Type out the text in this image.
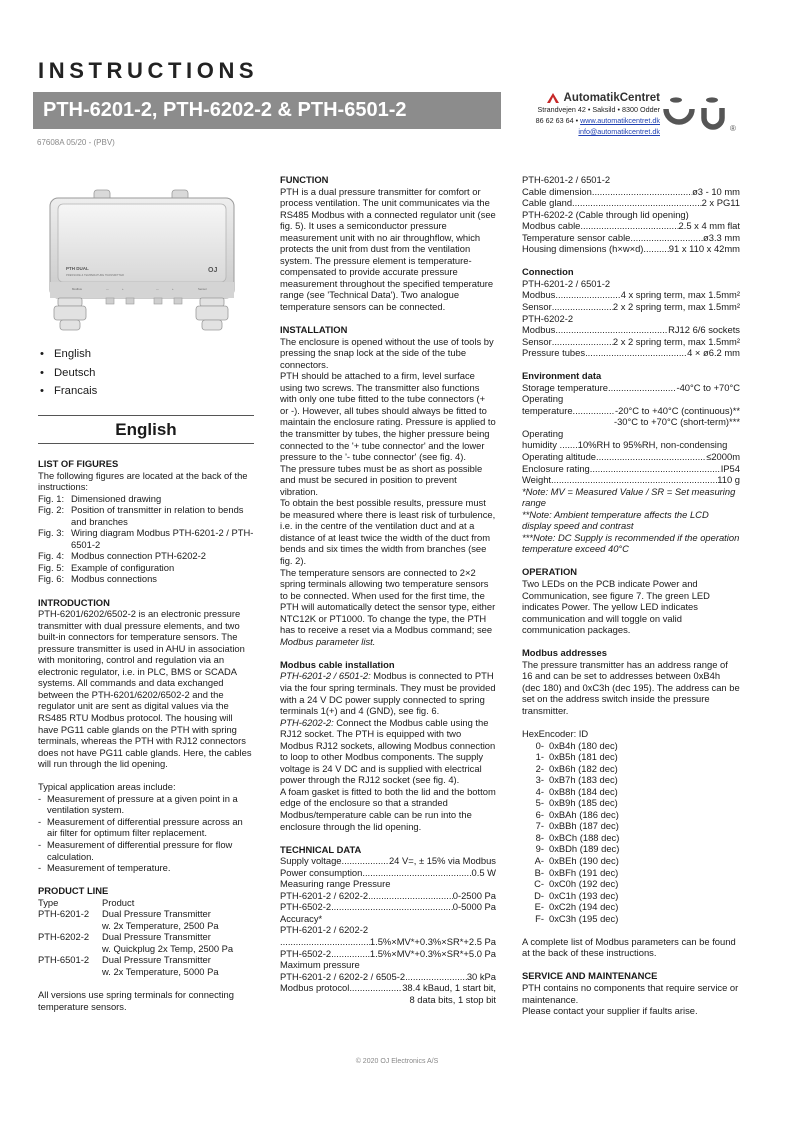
INSTRUCTIONS
PTH-6201-2, PTH-6202-2 & PTH-6501-2
67608A 05/20 - (PBV)
AutomatikCentret
Strandvejen 42 • Saksild • 8300 Odder
86 62 63 64 • www.automatikcentret.dk
info@automatikcentret.dk	®
PTH DUAL
PRESSURE & TEMPERATURE TRANSMITTER
OJ
Modbus	—	+	—	+	Sensor
• English
• Deutsch
• Francais
English
LIST OF FIGURES
The following figures are located at the back of the instructions:
Fig. 1: Dimensioned drawing
Fig. 2: Position of transmitter in relation to bends and branches
Fig. 3: Wiring diagram Modbus PTH-6201-2 / PTH-6501-2
Fig. 4: Modbus connection PTH-6202-2
Fig. 5: Example of configuration
Fig. 6: Modbus connections
INTRODUCTION
PTH-6201/6202/6502-2 is an electronic pressure transmitter with dual pressure elements, and two built-in connectors for temperature sensors. The pressure transmitter is used in AHU in association with monitoring, control and regulation via an electronic regulator, i.e. in PLC, BMS or SCADA systems. All commands and data exchanged between the PTH-6201/6202/6502-2 and the regulator unit are sent as digital values via the RS485 RTU Modbus protocol. The housing will have PG11 cable glands on the PTH with spring terminals, whereas the PTH with RJ12 connectors does not have PG11 cable glands. Here, the cables will run through the lid opening.
Typical application areas include:
- Measurement of pressure at a given point in a ventilation system.
- Measurement of differential pressure across an air filter for optimum filter replacement.
- Measurement of differential pressure for flow calculation.
- Measurement of temperature.
PRODUCT LINE
Type	Product
PTH-6201-2	Dual Pressure Transmitter
w. 2x Temperature, 2500 Pa
PTH-6202-2	Dual Pressure Transmitter
w. Quickplug 2x Temp, 2500 Pa
PTH-6501-2	Dual Pressure Transmitter
w. 2x Temperature, 5000 Pa
All versions use spring terminals for connecting temperature sensors.
FUNCTION
PTH is a dual pressure transmitter for comfort or process ventilation. The unit communicates via the RS485 Modbus with a connected regulator unit (see fig. 5). It uses a semiconductor pressure measurement unit with no air throughflow, which protects the unit from dust from the ventilation system. The pressure element is temperature-compensated to provide accurate pressure measurement throughout the specified temperature range (see 'Technical Data'). Two analogue temperature sensors can be connected.
INSTALLATION
The enclosure is opened without the use of tools by pressing the snap lock at the side of the tube connectors.
PTH should be attached to a firm, level surface using two screws. The transmitter also functions with only one tube fitted to the tube connectors (+ or -). However, all tubes should always be fitted to maintain the enclosure rating. Pressure is applied to the transmitter by tubes, the higher pressure being connected to the '+ tube connector' and the lower pressure to the '- tube connector' (see fig. 4).
The pressure tubes must be as short as possible and must be secured in position to prevent vibration.
To obtain the best possible results, pressure must be measured where there is least risk of turbulence, i.e. in the centre of the ventilation duct and at a distance of at least twice the width of the duct from bends and six times the width from branches (see fig. 2).
The temperature sensors are connected to 2×2 spring terminals allowing two temperature sensors to be connected. When used for the first time, the PTH will automatically detect the sensor type, either NTC12K or PT1000. To change the type, the PTH has to receive a reset via a Modbus command; see Modbus parameter list.
Modbus cable installation
PTH-6201-2 / 6501-2: Modbus is connected to PTH via the four spring terminals. They must be provided with a 24 V DC power supply connected to spring terminals 1(+) and 4 (GND), see fig. 6.
PTH-6202-2: Connect the Modbus cable using the RJ12 socket. The PTH is equipped with two Modbus RJ12 sockets, allowing Modbus connection to loop to other Modbus components. The supply voltage is 24 V DC and is supplied with electrical power through the RJ12 socket (see fig. 4).
A foam gasket is fitted to both the lid and the bottom edge of the enclosure so that a stranded Modbus/temperature cable can be run into the enclosure through the lid opening.
TECHNICAL DATA
Supply voltage .....	24 V=, ± 15% via Modbus
Power consumption .....	0.5 W
Measuring range Pressure
PTH-6201-2 / 6202-2 .....	0-2500 Pa
PTH-6502-2 .....	0-5000 Pa
Accuracy*
PTH-6201-2 / 6202-2
.....
1.5%×MV*+0.3%×SR*+2.5 Pa
PTH-6502-2 .....	1.5%×MV*+0.3%×SR*+5.0 Pa
Maximum pressure
PTH-6201-2 / 6202-2 / 6505-2 .....	30 kPa
Modbus protocol .....	38.4 kBaud, 1 start bit,
8 data bits, 1 stop bit
PTH-6201-2 / 6501-2
Cable dimension .....	ø3 - 10 mm
Cable gland .....	2 x PG11
PTH-6202-2 (Cable through lid opening)
Modbus cable .....	2.5 x 4 mm flat
Temperature sensor cable .....	ø3.3 mm
Housing dimensions (h×w×d) .....	91 x 110 x 42mm
Connection
PTH-6201-2 / 6501-2
Modbus .....	4 x spring term, max 1.5mm²
Sensor .....	2 x 2 spring term, max 1.5mm²
PTH-6202-2
Modbus .....	RJ12 6/6 sockets
Sensor .....	2 x 2 spring term, max 1.5mm²
Pressure tubes .....	4 × ø6.2 mm
Environment data
Storage temperature .....	-40°C to +70°C
Operating
temperature .....	-20°C to +40°C (continuous)**
-30°C to +70°C (short-term)***
Operating
humidity .......10%RH to 95%RH, non-condensing
Operating altitude .....	≤2000m
Enclosure rating .....	IP54
Weight .....	110 g
*Note: MV = Measured Value / SR = Set measuring range
**Note: Ambient temperature affects the LCD display speed and contrast
***Note: DC Supply is recommended if the operation temperature exceed 40°C
OPERATION
Two LEDs on the PCB indicate Power and Communication, see figure 7. The green LED indicates Power. The yellow LED indicates communication and will toggle on valid communication packages.
Modbus addresses
The pressure transmitter has an address range of 16 and can be set to addresses between 0xB4h (dec 180) and 0xC3h (dec 195). The address can be set on the address switch inside the pressure transmitter.
HexEncoder: ID
0- 0xB4h (180 dec)
1- 0xB5h (181 dec)
2- 0xB6h (182 dec)
3- 0xB7h (183 dec)
4- 0xB8h (184 dec)
5- 0xB9h (185 dec)
6- 0xBAh (186 dec)
7- 0xBBh (187 dec)
8- 0xBCh (188 dec)
9- 0xBDh (189 dec)
A- 0xBEh (190 dec)
B- 0xBFh (191 dec)
C- 0xC0h (192 dec)
D- 0xC1h (193 dec)
E- 0xC2h (194 dec)
F- 0xC3h (195 dec)
A complete list of Modbus parameters can be found at the back of these instructions.
SERVICE AND MAINTENANCE
PTH contains no components that require service or maintenance.
Please contact your supplier if faults arise.
© 2020 OJ Electronics A/S
